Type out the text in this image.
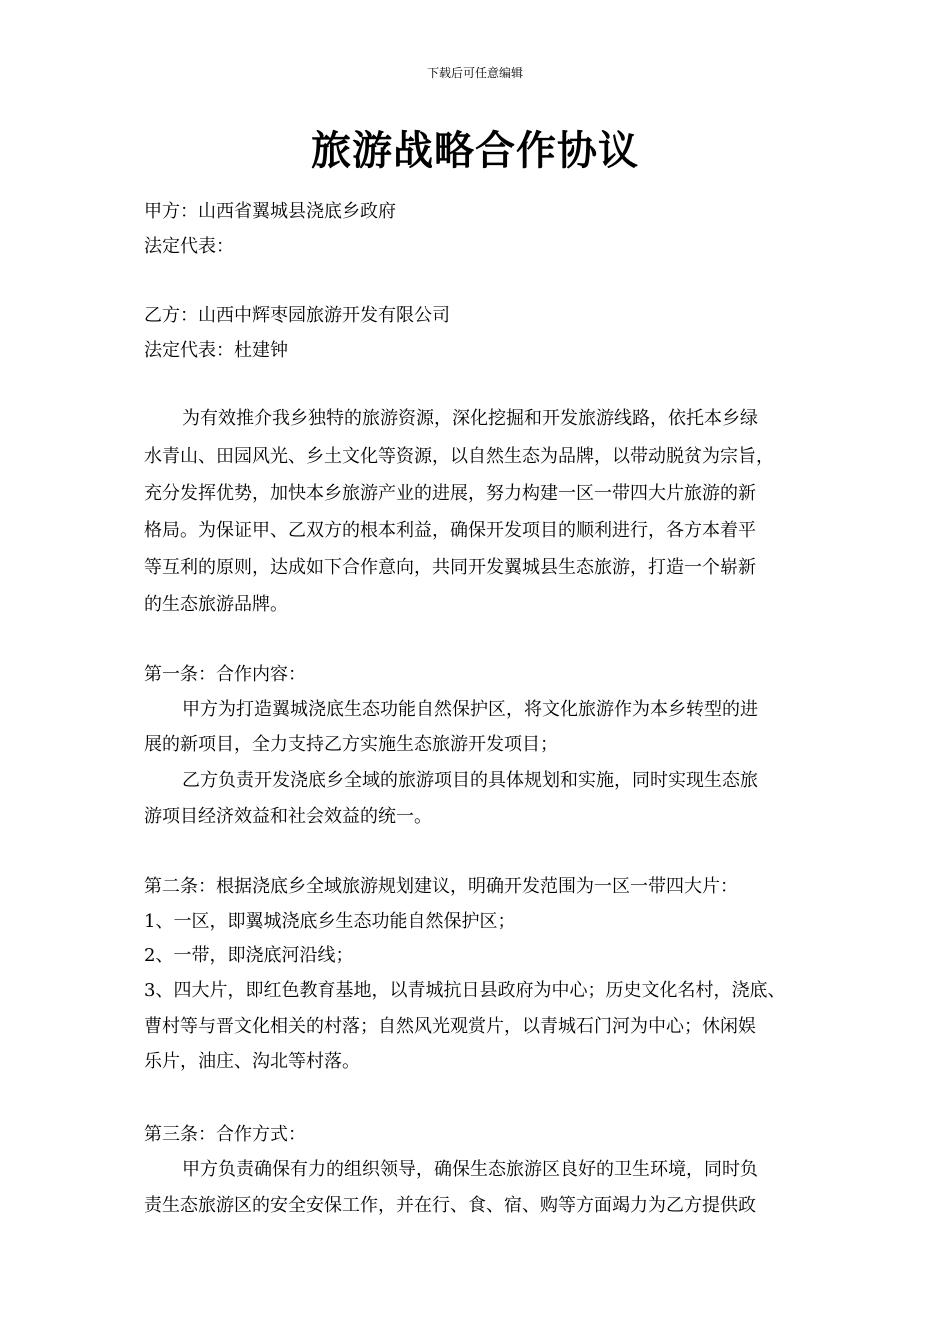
下载后可任意编辑
旅游战略合作协议
甲方：山西省翼城县浇底乡政府
法定代表：
乙方：山西中辉枣园旅游开发有限公司
法定代表：杜建钟
为有效推介我乡独特的旅游资源，深化挖掘和开发旅游线路，依托本乡绿
水青山、田园风光、乡土文化等资源，以自然生态为品牌，以带动脱贫为宗旨，
充分发挥优势，加快本乡旅游产业的进展，努力构建一区一带四大片旅游的新
格局。为保证甲、乙双方的根本利益，确保开发项目的顺利进行，各方本着平
等互利的原则，达成如下合作意向，共同开发翼城县生态旅游，打造一个崭新
的生态旅游品牌。
第一条：合作内容：
甲方为打造翼城浇底生态功能自然保护区，将文化旅游作为本乡转型的进
展的新项目，全力支持乙方实施生态旅游开发项目；
乙方负责开发浇底乡全域的旅游项目的具体规划和实施，同时实现生态旅
游项目经济效益和社会效益的统一。
第二条：根据浇底乡全域旅游规划建议，明确开发范围为一区一带四大片：
1、一区，即翼城浇底乡生态功能自然保护区；
2、一带，即浇底河沿线；
3、四大片，即红色教育基地，以青城抗日县政府为中心；历史文化名村，浇底、
曹村等与晋文化相关的村落；自然风光观赏片，以青城石门河为中心；休闲娱
乐片，油庄、沟北等村落。
第三条：合作方式：
甲方负责确保有力的组织领导，确保生态旅游区良好的卫生环境，同时负
责生态旅游区的安全安保工作，并在行、食、宿、购等方面竭力为乙方提供政
